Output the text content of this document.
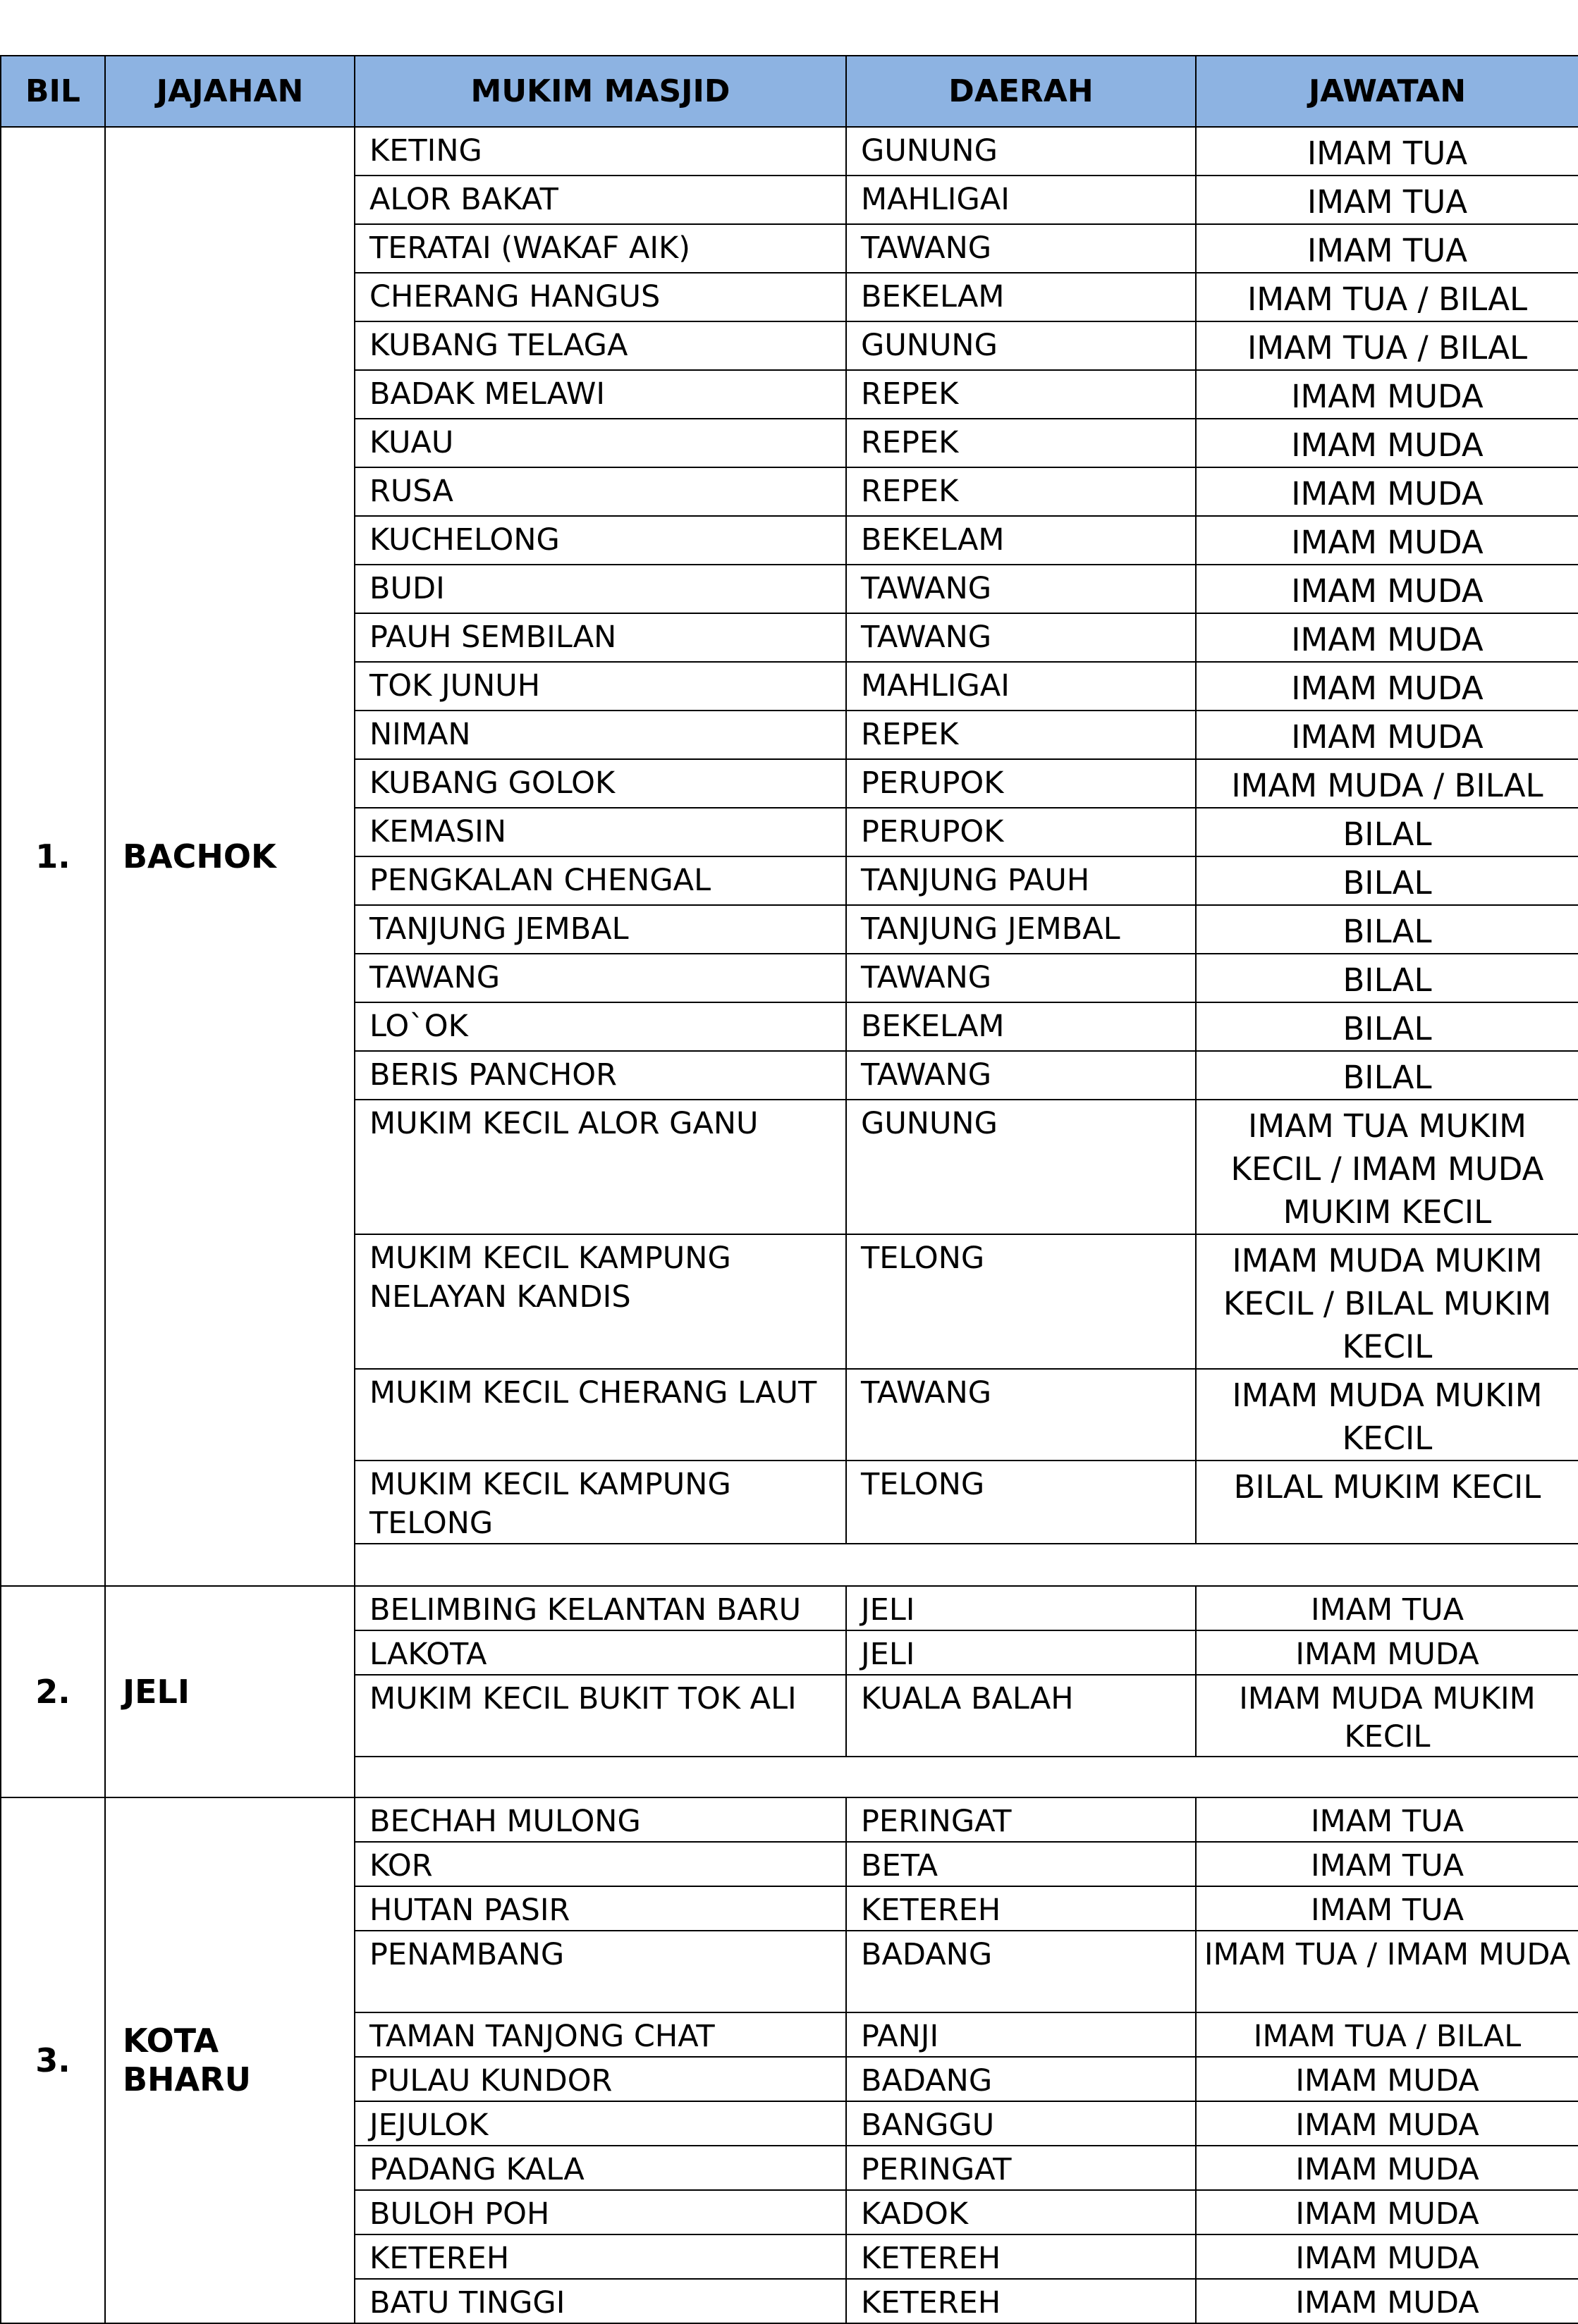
BIL	JAJAHAN	MUKIM MASJID	DAERAH	JAWATAN
1.	BACHOK	KETING	GUNUNG	IMAM TUA
		ALOR BAKAT	MAHLIGAI	IMAM TUA
		TERATAI (WAKAF AIK)	TAWANG	IMAM TUA
		CHERANG HANGUS	BEKELAM	IMAM TUA / BILAL
		KUBANG TELAGA	GUNUNG	IMAM TUA / BILAL
		BADAK MELAWI	REPEK	IMAM MUDA
		KUAU	REPEK	IMAM MUDA
		RUSA	REPEK	IMAM MUDA
		KUCHELONG	BEKELAM	IMAM MUDA
		BUDI	TAWANG	IMAM MUDA
		PAUH SEMBILAN	TAWANG	IMAM MUDA
		TOK JUNUH	MAHLIGAI	IMAM MUDA
		NIMAN	REPEK	IMAM MUDA
		KUBANG GOLOK	PERUPOK	IMAM MUDA / BILAL
		KEMASIN	PERUPOK	BILAL
		PENGKALAN CHENGAL	TANJUNG PAUH	BILAL
		TANJUNG JEMBAL	TANJUNG JEMBAL	BILAL
		TAWANG	TAWANG	BILAL
		LO`OK	BEKELAM	BILAL
		BERIS PANCHOR	TAWANG	BILAL
		MUKIM KECIL ALOR GANU	GUNUNG	IMAM TUA MUKIM KECIL / IMAM MUDA MUKIM KECIL
		MUKIM KECIL KAMPUNG NELAYAN KANDIS	TELONG	IMAM MUDA MUKIM KECIL / BILAL MUKIM KECIL
		MUKIM KECIL CHERANG LAUT	TAWANG	IMAM MUDA MUKIM KECIL
		MUKIM KECIL KAMPUNG TELONG	TELONG	BILAL MUKIM KECIL

2.	JELI	BELIMBING KELANTAN BARU	JELI	IMAM TUA
		LAKOTA	JELI	IMAM MUDA
		MUKIM KECIL BUKIT TOK ALI	KUALA BALAH	IMAM MUDA MUKIM KECIL

3.	KOTA BHARU	BECHAH MULONG	PERINGAT	IMAM TUA
		KOR	BETA	IMAM TUA
		HUTAN PASIR	KETEREH	IMAM TUA
		PENAMBANG	BADANG	IMAM TUA / IMAM MUDA
		TAMAN TANJONG CHAT	PANJI	IMAM TUA / BILAL
		PULAU KUNDOR	BADANG	IMAM MUDA
		JEJULOK	BANGGU	IMAM MUDA
		PADANG KALA	PERINGAT	IMAM MUDA
		BULOH POH	KADOK	IMAM MUDA
		KETEREH	KETEREH	IMAM MUDA
		BATU TINGGI	KETEREH	IMAM MUDA
